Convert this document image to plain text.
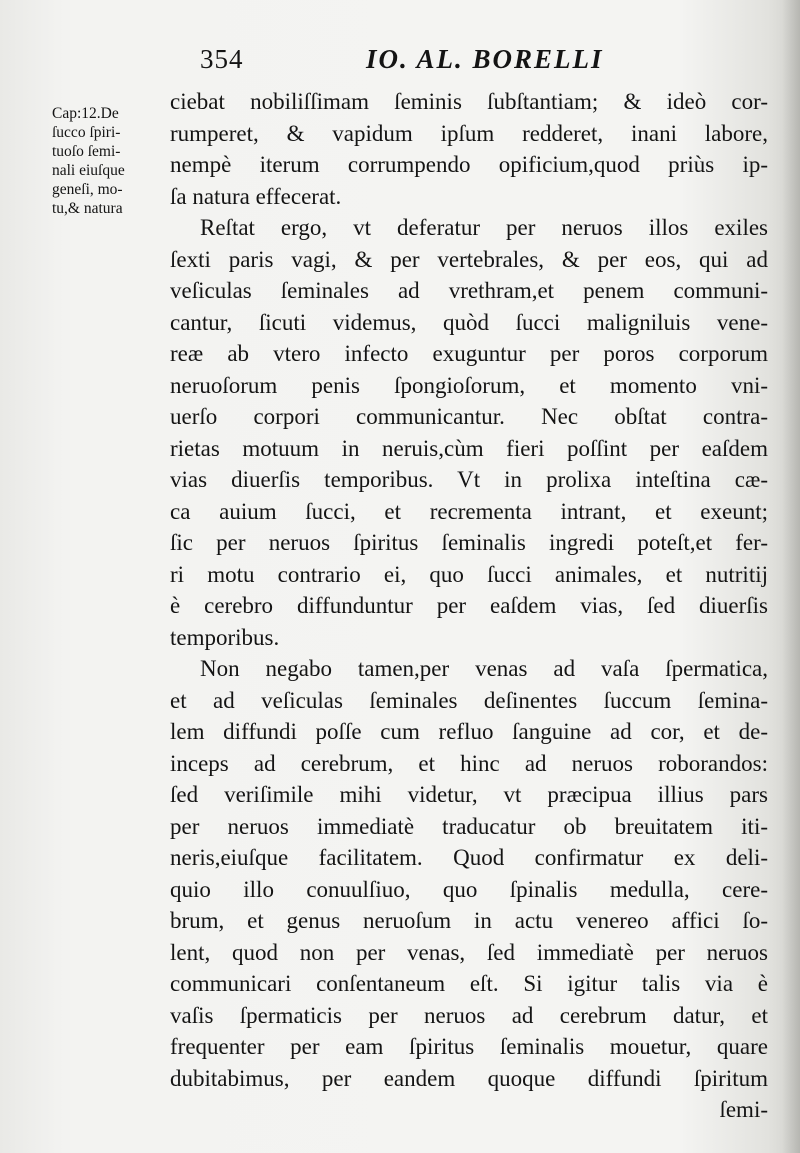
354	IO. AL. BORELLI
Cap:12.De
ſucco ſpiri-
tuoſo ſemi-
nali eiuſque
geneſi, mo-
tu,& natura
ciebat nobiliſſimam ſeminis ſubſtantiam; & ideò cor-
rumperet, & vapidum ipſum redderet, inani labore,
nempè iterum corrumpendo opificium,quod priùs ip-
ſa natura effecerat.
Reſtat ergo, vt deferatur per neruos illos exiles
ſexti paris vagi, & per vertebrales, & per eos, qui ad
veſiculas ſeminales ad vrethram,et penem communi-
cantur, ſicuti videmus, quòd ſucci maligniluis vene-
reæ ab vtero infecto exuguntur per poros corporum
neruoſorum penis ſpongioſorum, et momento vni-
uerſo corpori communicantur. Nec obſtat contra-
rietas motuum in neruis,cùm fieri poſſint per eaſdem
vias diuerſis temporibus. Vt in prolixa inteſtina cæ-
ca auium ſucci, et recrementa intrant, et exeunt;
ſic per neruos ſpiritus ſeminalis ingredi poteſt,et fer-
ri motu contrario ei, quo ſucci animales, et nutritij
è cerebro diffunduntur per eaſdem vias, ſed diuerſis
temporibus.
Non negabo tamen,per venas ad vaſa ſpermatica,
et ad veſiculas ſeminales deſinentes ſuccum ſemina-
lem diffundi poſſe cum refluo ſanguine ad cor, et de-
inceps ad cerebrum, et hinc ad neruos roborandos:
ſed veriſimile mihi videtur, vt præcipua illius pars
per neruos immediatè traducatur ob breuitatem iti-
neris,eiuſque facilitatem. Quod confirmatur ex deli-
quio illo conuulſiuo, quo ſpinalis medulla, cere-
brum, et genus neruoſum in actu venereo affici ſo-
lent, quod non per venas, ſed immediatè per neruos
communicari conſentaneum eſt. Si igitur talis via è
vaſis ſpermaticis per neruos ad cerebrum datur, et
frequenter per eam ſpiritus ſeminalis mouetur, quare
dubitabimus, per eandem quoque diffundi ſpiritum
ſemi-
